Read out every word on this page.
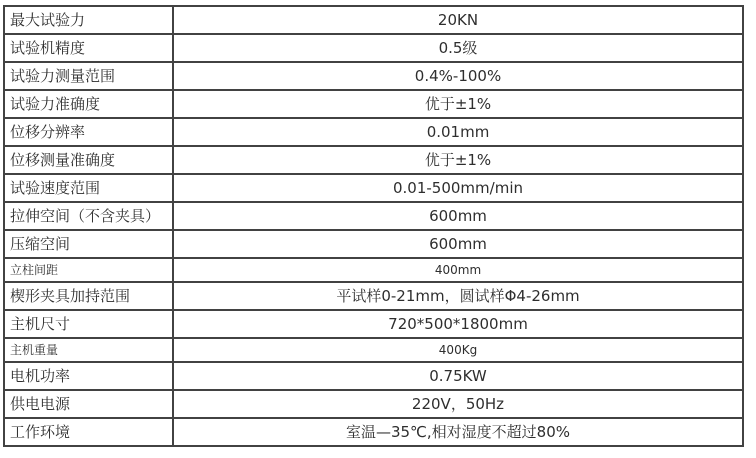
最大试验力	20KN
试验机精度	0.5级
试验力测量范围	0.4%-100%
试验力准确度	优于±1%
位移分辨率	0.01mm
位移测量准确度	优于±1%
试验速度范围	0.01-500mm/min
拉伸空间（不含夹具）	600mm
压缩空间	600mm
立柱间距	400mm
楔形夹具加持范围	平试样0-21mm，圆试样Φ4-26mm
主机尺寸	720*500*1800mm
主机重量	400Kg
电机功率	0.75KW
供电电源	220V，50Hz
工作环境	室温—35℃,相对湿度不超过80%
